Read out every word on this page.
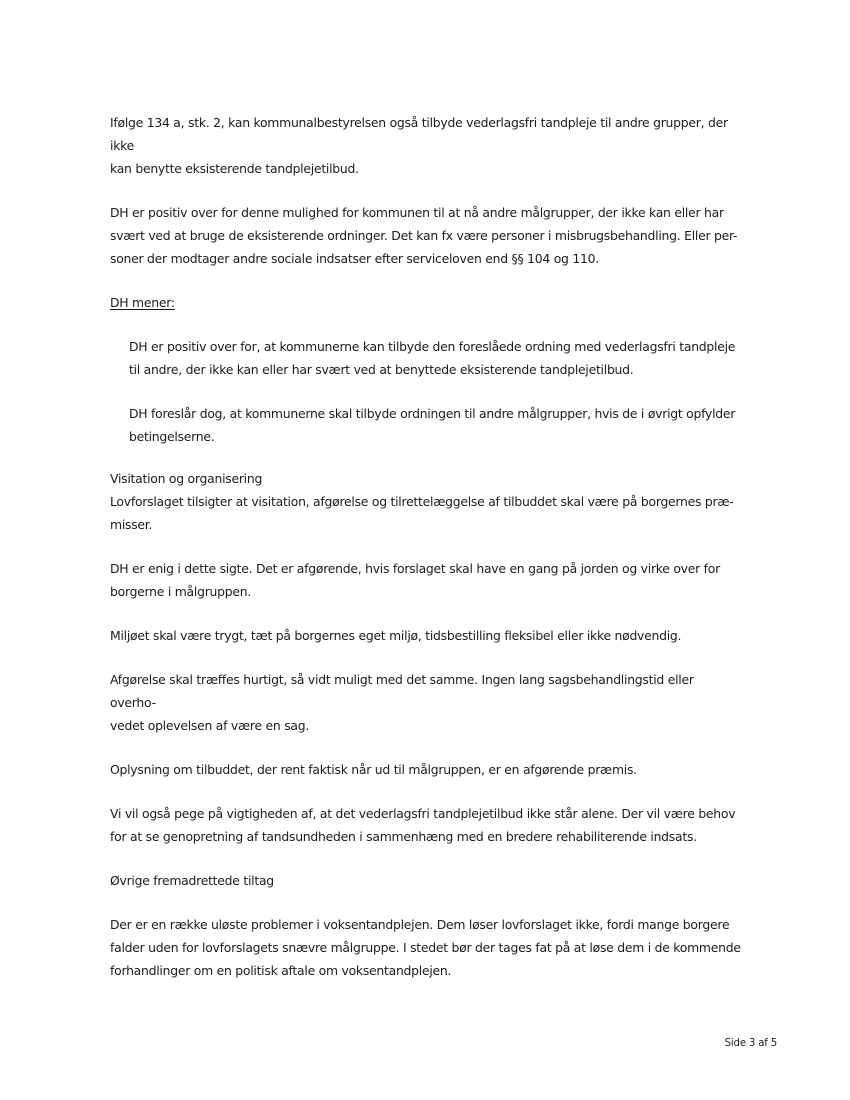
Ifølge 134 a, stk. 2, kan kommunalbestyrelsen også tilbyde vederlagsfri tandpleje til andre grupper, der ikke

kan benytte eksisterende tandplejetilbud.

DH er positiv over for denne mulighed for kommunen til at nå andre målgrupper, der ikke kan eller har

svært ved at bruge de eksisterende ordninger. Det kan fx være personer i misbrugsbehandling. Eller per-

soner der modtager andre sociale indsatser efter serviceloven end §§ 104 og 110.

DH mener:

DH er positiv over for, at kommunerne kan tilbyde den foreslåede ordning med vederlagsfri tandpleje

til andre, der ikke kan eller har svært ved at benyttede eksisterende tandplejetilbud.

DH foreslår dog, at kommunerne skal tilbyde ordningen til andre målgrupper, hvis de i øvrigt opfylder

betingelserne.

Visitation og organisering

Lovforslaget tilsigter at visitation, afgørelse og tilrettelæggelse af tilbuddet skal være på borgernes præ-

misser.

DH er enig i dette sigte. Det er afgørende, hvis forslaget skal have en gang på jorden og virke over for

borgerne i målgruppen.

Miljøet skal være trygt, tæt på borgernes eget miljø, tidsbestilling fleksibel eller ikke nødvendig.

Afgørelse skal træffes hurtigt, så vidt muligt med det samme. Ingen lang sagsbehandlingstid eller overho-

vedet oplevelsen af være en sag.

Oplysning om tilbuddet, der rent faktisk når ud til målgruppen, er en afgørende præmis.

Vi vil også pege på vigtigheden af, at det vederlagsfri tandplejetilbud ikke står alene. Der vil være behov

for at se genopretning af tandsundheden i sammenhæng med en bredere rehabiliterende indsats.

Øvrige fremadrettede tiltag

Der er en række uløste problemer i voksentandplejen. Dem løser lovforslaget ikke, fordi mange borgere

falder uden for lovforslagets snævre målgruppe. I stedet bør der tages fat på at løse dem i de kommende

forhandlinger om en politisk aftale om voksentandplejen.

Side 3 af 5
